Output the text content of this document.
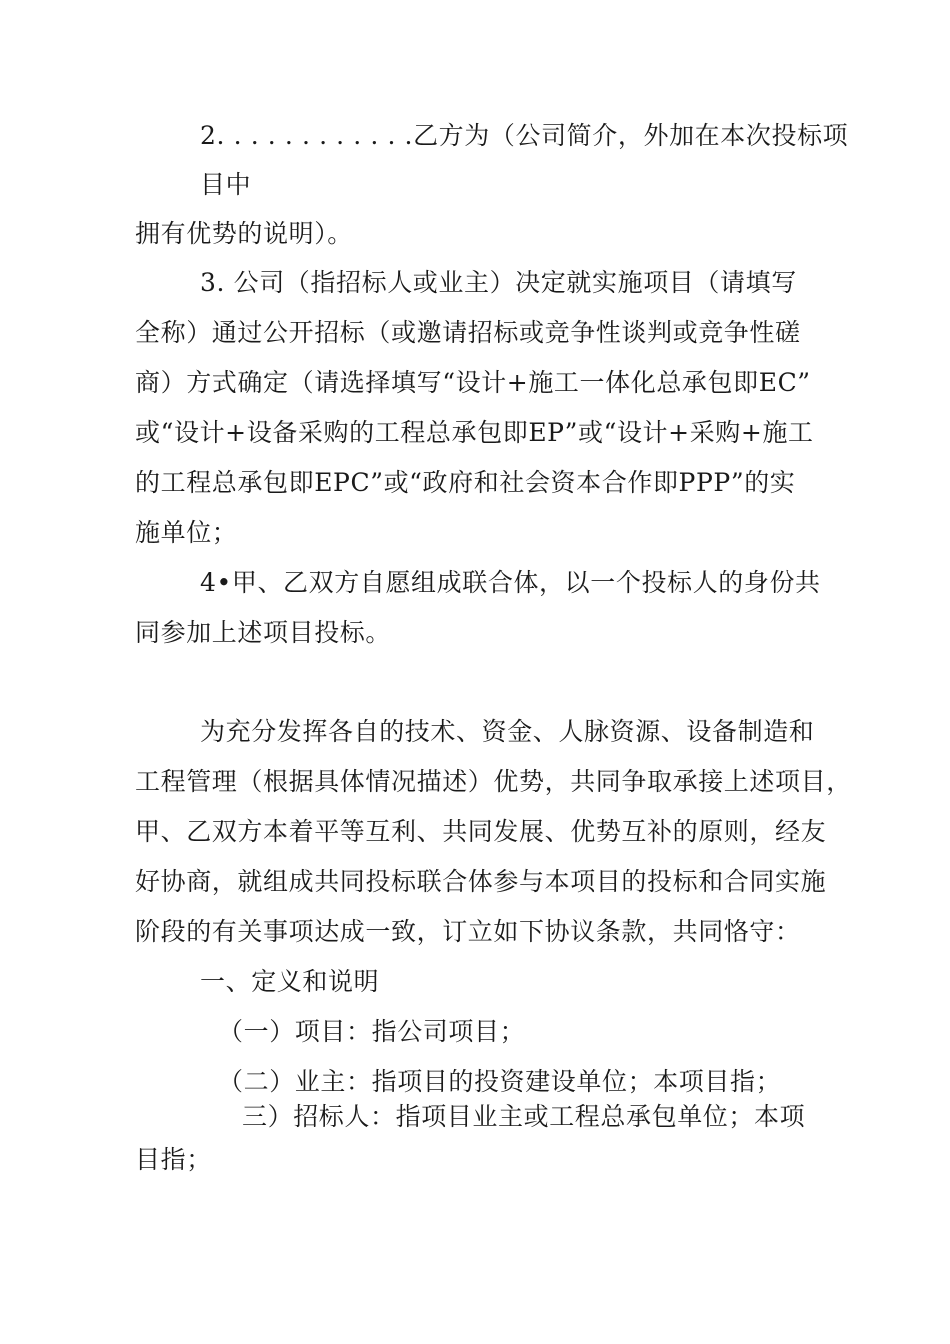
2. . . . . . . . . . . .乙方为（公司简介，外加在本次投标项
目中
拥有优势的说明）。
3. 公司（指招标人或业主）决定就实施项目（请填写
全称）通过公开招标（或邀请招标或竞争性谈判或竞争性磋
商）方式确定（请选择填写“设计+施工一体化总承包即EC”
或“设计+设备采购的工程总承包即EP”或“设计+采购+施工
的工程总承包即EPC”或“政府和社会资本合作即PPP”的实
施单位；
4•甲、乙双方自愿组成联合体，以一个投标人的身份共
同参加上述项目投标。
为充分发挥各自的技术、资金、人脉资源、设备制造和
工程管理（根据具体情况描述）优势，共同争取承接上述项目，
甲、乙双方本着平等互利、共同发展、优势互补的原则，经友
好协商，就组成共同投标联合体参与本项目的投标和合同实施
阶段的有关事项达成一致，订立如下协议条款，共同恪守：
一、定义和说明
（一）项目：指公司项目；
（二）业主：指项目的投资建设单位；本项目指；
三）招标人：指项目业主或工程总承包单位；本项
目指；
